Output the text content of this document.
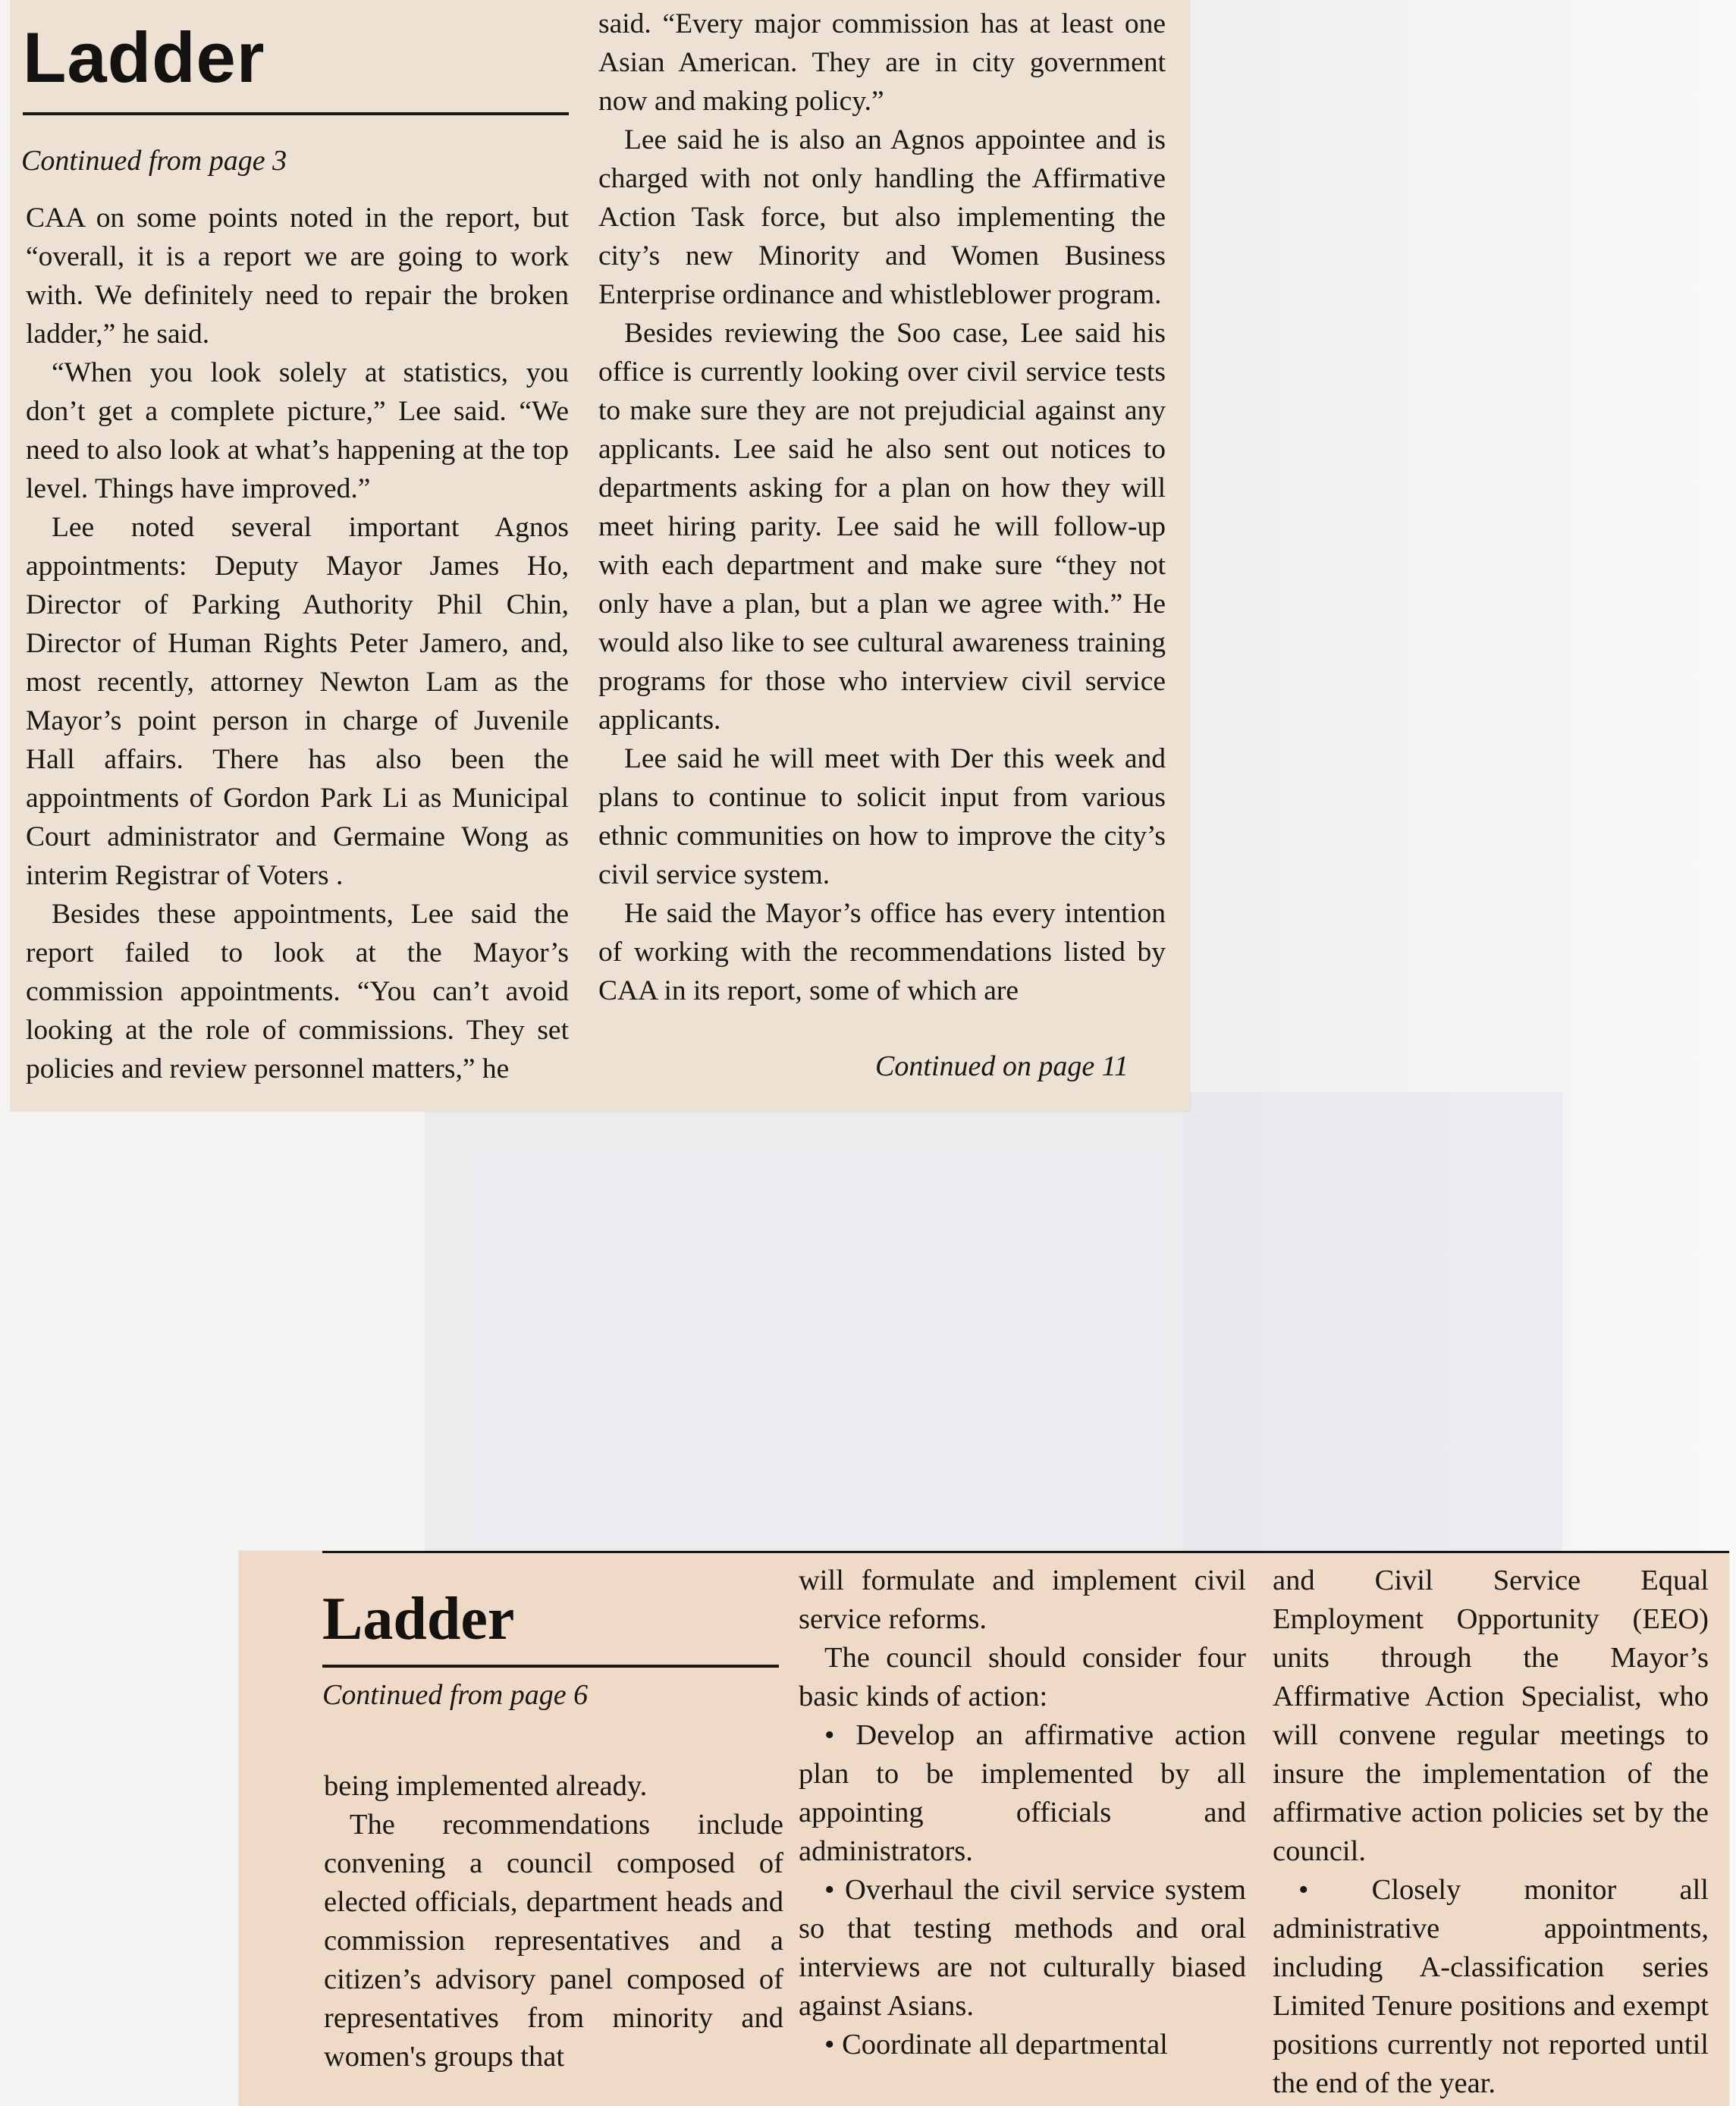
Ladder
Continued from page 3

CAA on some points noted in the report, but “overall, it is a report we are going to work with. We definitely need to repair the broken ladder,” he said.

“When you look solely at statistics, you don’t get a complete picture,” Lee said. “We need to also look at what’s happening at the top level. Things have improved.”

Lee noted several important Agnos appointments: Deputy Mayor James Ho, Director of Parking Authority Phil Chin, Director of Human Rights Peter Jamero, and, most recently, attorney Newton Lam as the Mayor’s point person in charge of Juvenile Hall affairs. There has also been the appointments of Gordon Park Li as Municipal Court administrator and Germaine Wong as interim Registrar of Voters .

Besides these appointments, Lee said the report failed to look at the Mayor’s commission appointments. “You can’t avoid looking at the role of commissions. They set policies and review personnel matters,” he

said. “Every major commission has at least one Asian American. They are in city government now and making policy.”

Lee said he is also an Agnos appointee and is charged with not only handling the Affirmative Action Task force, but also implementing the city’s new Minority and Women Business Enterprise ordinance and whistleblower program.

Besides reviewing the Soo case, Lee said his office is currently looking over civil service tests to make sure they are not prejudicial against any applicants. Lee said he also sent out notices to departments asking for a plan on how they will meet hiring parity. Lee said he will follow-up with each department and make sure “they not only have a plan, but a plan we agree with.” He would also like to see cultural awareness training programs for those who interview civil service applicants.

Lee said he will meet with Der this week and plans to continue to solicit input from various ethnic communities on how to improve the city’s civil service system.

He said the Mayor’s office has every intention of working with the recommendations listed by CAA in its report, some of which are

Continued on page 11
Ladder
Continued from page 6

being implemented already.

The recommendations include convening a council composed of elected officials, department heads and commission representatives and a citizen’s advisory panel composed of representatives from minority and women's groups that

will formulate and implement civil service reforms.

The council should consider four basic kinds of action:

• Develop an affirmative action plan to be implemented by all appointing officials and administrators.

• Overhaul the civil service system so that testing methods and oral interviews are not culturally biased against Asians.

• Coordinate all departmental

and Civil Service Equal Employment Opportunity (EEO) units through the Mayor’s Affirmative Action Specialist, who will convene regular meetings to insure the implementation of the affirmative action policies set by the council.

• Closely monitor all administrative appointments, including A-classification series Limited Tenure positions and exempt positions currently not reported until the end of the year.
